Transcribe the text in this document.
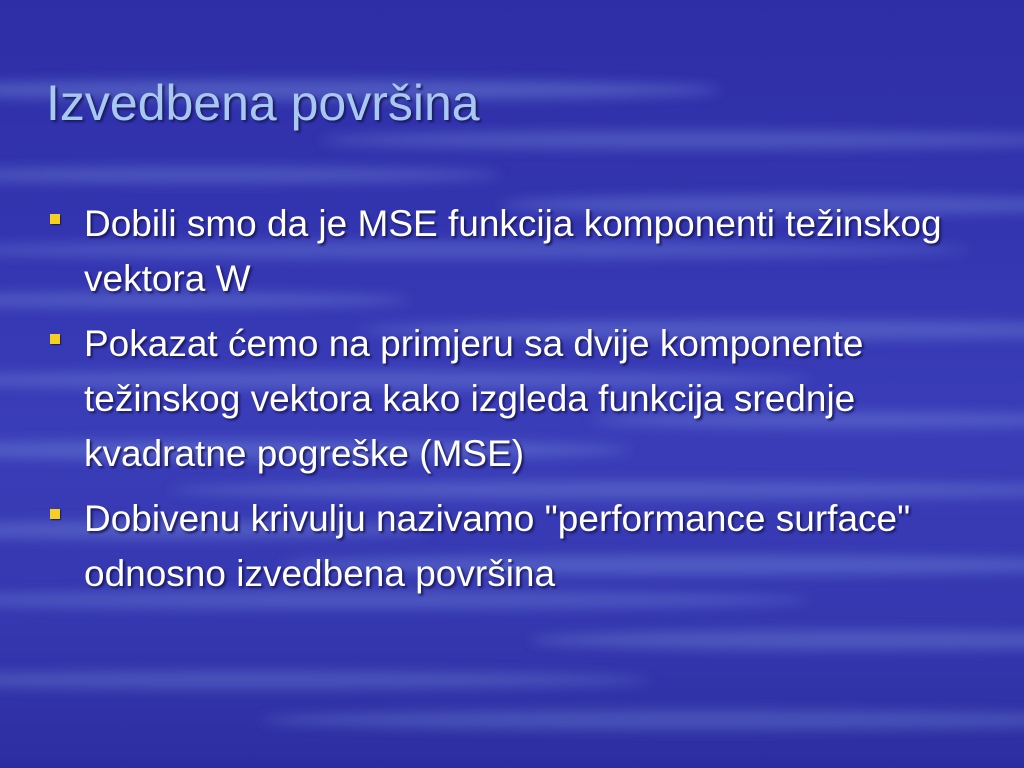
Izvedbena površina
Dobili smo da je MSE funkcija komponenti težinskog vektora W
Pokazat ćemo na primjeru sa dvije komponente težinskog vektora kako izgleda funkcija srednje kvadratne pogreške (MSE)
Dobivenu krivulju nazivamo "performance surface" odnosno izvedbena površina
